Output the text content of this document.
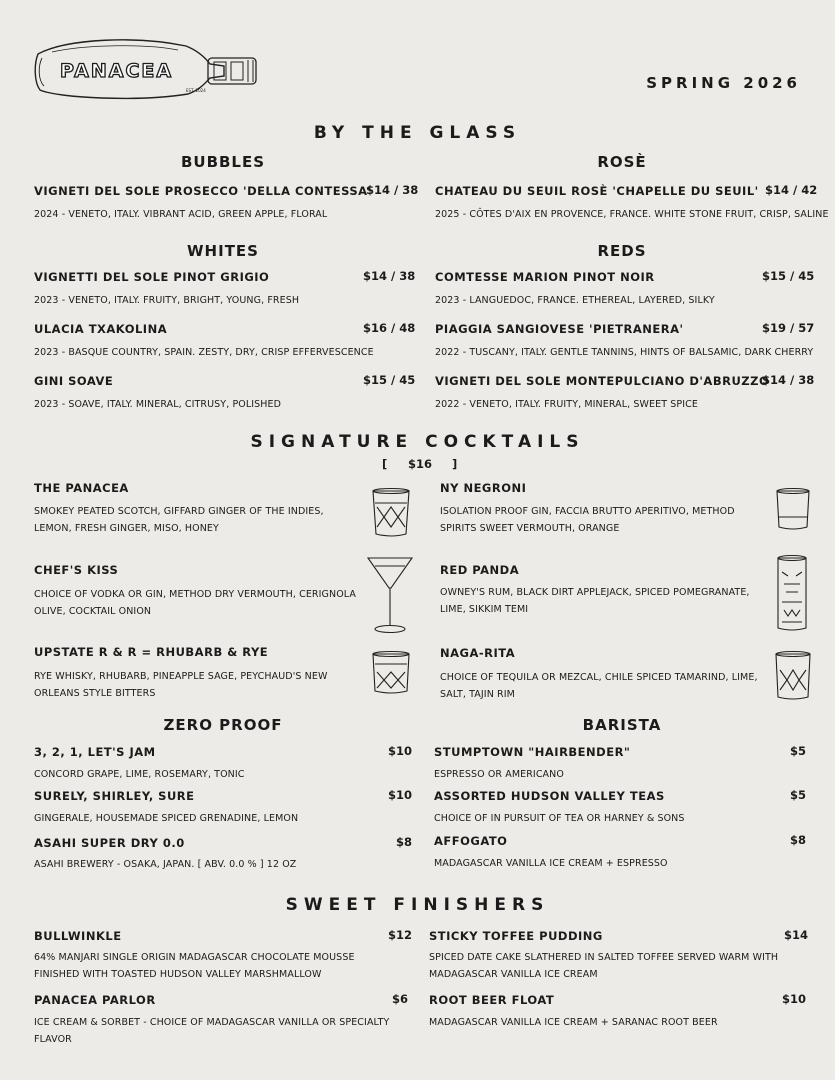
PANACEA
EST. 2024	SPRING 2026
BY THE GLASS
BUBBLES	ROSÈ
VIGNETI DEL SOLE PROSECCO 'DELLA CONTESSA'
$14 / 38
2024 - VENETO, ITALY. VIBRANT ACID, GREEN APPLE, FLORAL
CHATEAU DU SEUIL ROSÈ 'CHAPELLE DU SEUIL' $14 / 42
2025 - CÔTES D'AIX EN PROVENCE, FRANCE. WHITE STONE FRUIT, CRISP, SALINE
WHITES	REDS
VIGNETTI DEL SOLE PINOT GRIGIO	$14 / 38
2023 - VENETO, ITALY. FRUITY, BRIGHT, YOUNG, FRESH
ULACIA TXAKOLINA	$16 / 48
2023 - BASQUE COUNTRY, SPAIN. ZESTY, DRY, CRISP EFFERVESCENCE
GINI SOAVE	$15 / 45
2023 - SOAVE, ITALY. MINERAL, CITRUSY, POLISHED
COMTESSE MARION PINOT NOIR	$15 / 45
2023 - LANGUEDOC, FRANCE. ETHEREAL, LAYERED, SILKY
PIAGGIA SANGIOVESE 'PIETRANERA'	$19 / 57
2022 - TUSCANY, ITALY. GENTLE TANNINS, HINTS OF BALSAMIC, DARK CHERRY
VIGNETI DEL SOLE MONTEPULCIANO D'ABRUZZO
$14 / 38
2022 - VENETO, ITALY. FRUITY, MINERAL, SWEET SPICE
SIGNATURE COCKTAILS
[ $16 ]
THE PANACEA
SMOKEY PEATED SCOTCH, GIFFARD GINGER OF THE INDIES, LEMON, FRESH GINGER, MISO, HONEY
CHEF'S KISS
CHOICE OF VODKA OR GIN, METHOD DRY VERMOUTH, CERIGNOLA OLIVE, COCKTAIL ONION
UPSTATE R & R = RHUBARB & RYE
RYE WHISKY, RHUBARB, PINEAPPLE SAGE, PEYCHAUD'S NEW ORLEANS STYLE BITTERS
NY NEGRONI
ISOLATION PROOF GIN, FACCIA BRUTTO APERITIVO, METHOD SPIRITS SWEET VERMOUTH, ORANGE
RED PANDA
OWNEY'S RUM, BLACK DIRT APPLEJACK, SPICED POMEGRANATE, LIME, SIKKIM TEMI
NAGA-RITA
CHOICE OF TEQUILA OR MEZCAL, CHILE SPICED TAMARIND, LIME, SALT, TAJIN RIM
ZERO PROOF
3, 2, 1, LET'S JAM	$10
CONCORD GRAPE, LIME, ROSEMARY, TONIC
SURELY, SHIRLEY, SURE	$10
GINGERALE, HOUSEMADE SPICED GRENADINE, LEMON
ASAHI SUPER DRY 0.0	$8
ASAHI BREWERY - OSAKA, JAPAN. [ ABV. 0.0 % ] 12 OZ
BARISTA
STUMPTOWN "HAIRBENDER"	$5
ESPRESSO OR AMERICANO
ASSORTED HUDSON VALLEY TEAS	$5
CHOICE OF IN PURSUIT OF TEA OR HARNEY & SONS
AFFOGATO	$8
MADAGASCAR VANILLA ICE CREAM + ESPRESSO
SWEET FINISHERS
BULLWINKLE	$12
64% MANJARI SINGLE ORIGIN MADAGASCAR CHOCOLATE MOUSSE FINISHED WITH TOASTED HUDSON VALLEY MARSHMALLOW
PANACEA PARLOR	$6
ICE CREAM & SORBET - CHOICE OF MADAGASCAR VANILLA OR SPECIALTY FLAVOR
STICKY TOFFEE PUDDING	$14
SPICED DATE CAKE SLATHERED IN SALTED TOFFEE SERVED WARM WITH MADAGASCAR VANILLA ICE CREAM
ROOT BEER FLOAT	$10
MADAGASCAR VANILLA ICE CREAM + SARANAC ROOT BEER
